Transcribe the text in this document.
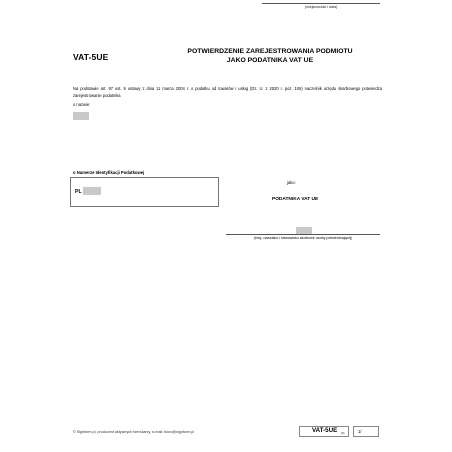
(miejscowość i data)
VAT-5UE
POTWIERDZENIE ZAREJESTROWANIA PODMIOTU
JAKO PODATNIKA VAT UE
Na podstawie art. 97 ust. 9 ustawy z dnia 11 marca 2004 r. o podatku od towarów i usług (Dz. U. z 2020 r. poz. 106) naczelnik urzędu skarbowego potwierdza zarejestrowanie podatnika
o nazwie:
o Numerze Identyfikacji Podatkowej
PL
jako:
PODATNIKA VAT UE
(imię, nazwisko i stanowisko służbowe osoby potwierdzającej)
© Signform.pl, producent aktywnych formularzy, e-mail: biuro@signform.pl	VAT-5UE (2)	1/
